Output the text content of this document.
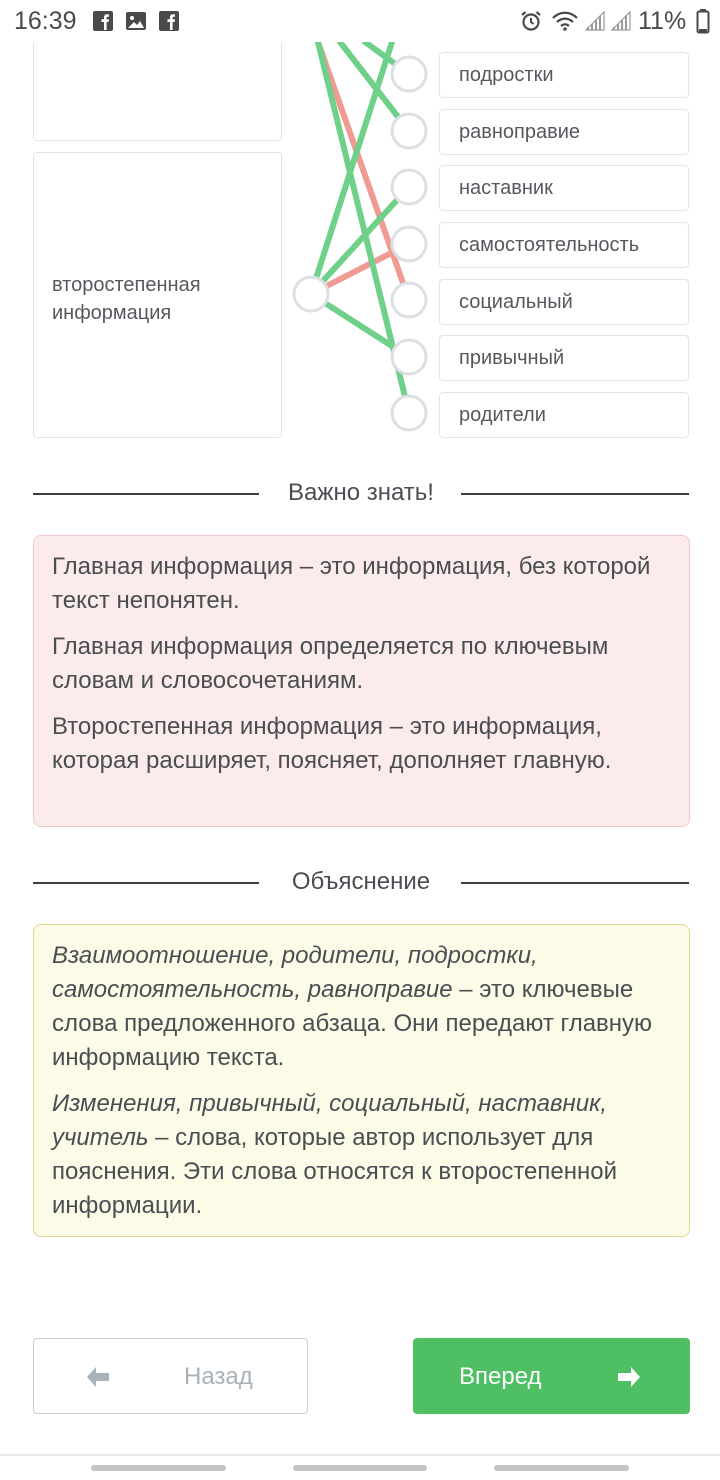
16:39	11%
второстепенная информация
подростки
равноправие
наставник
самостоятельность
социальный
привычный
родители
Важно знать!

Главная информация – это информация, без которой текст непонятен.

Главная информация определяется по ключевым словам и словосочетаниям.

Второстепенная информация – это информация, которая расширяет, поясняет, дополняет главную.

Объяснение

Взаимоотношение, родители, подростки, самостоятельность, равноправие – это ключевые слова предложенного абзаца. Они передают главную информацию текста.

Изменения, привычный, социальный, наставник, учитель – слова, которые автор использует для пояснения. Эти слова относятся к второстепенной информации.

Назад	Вперед
